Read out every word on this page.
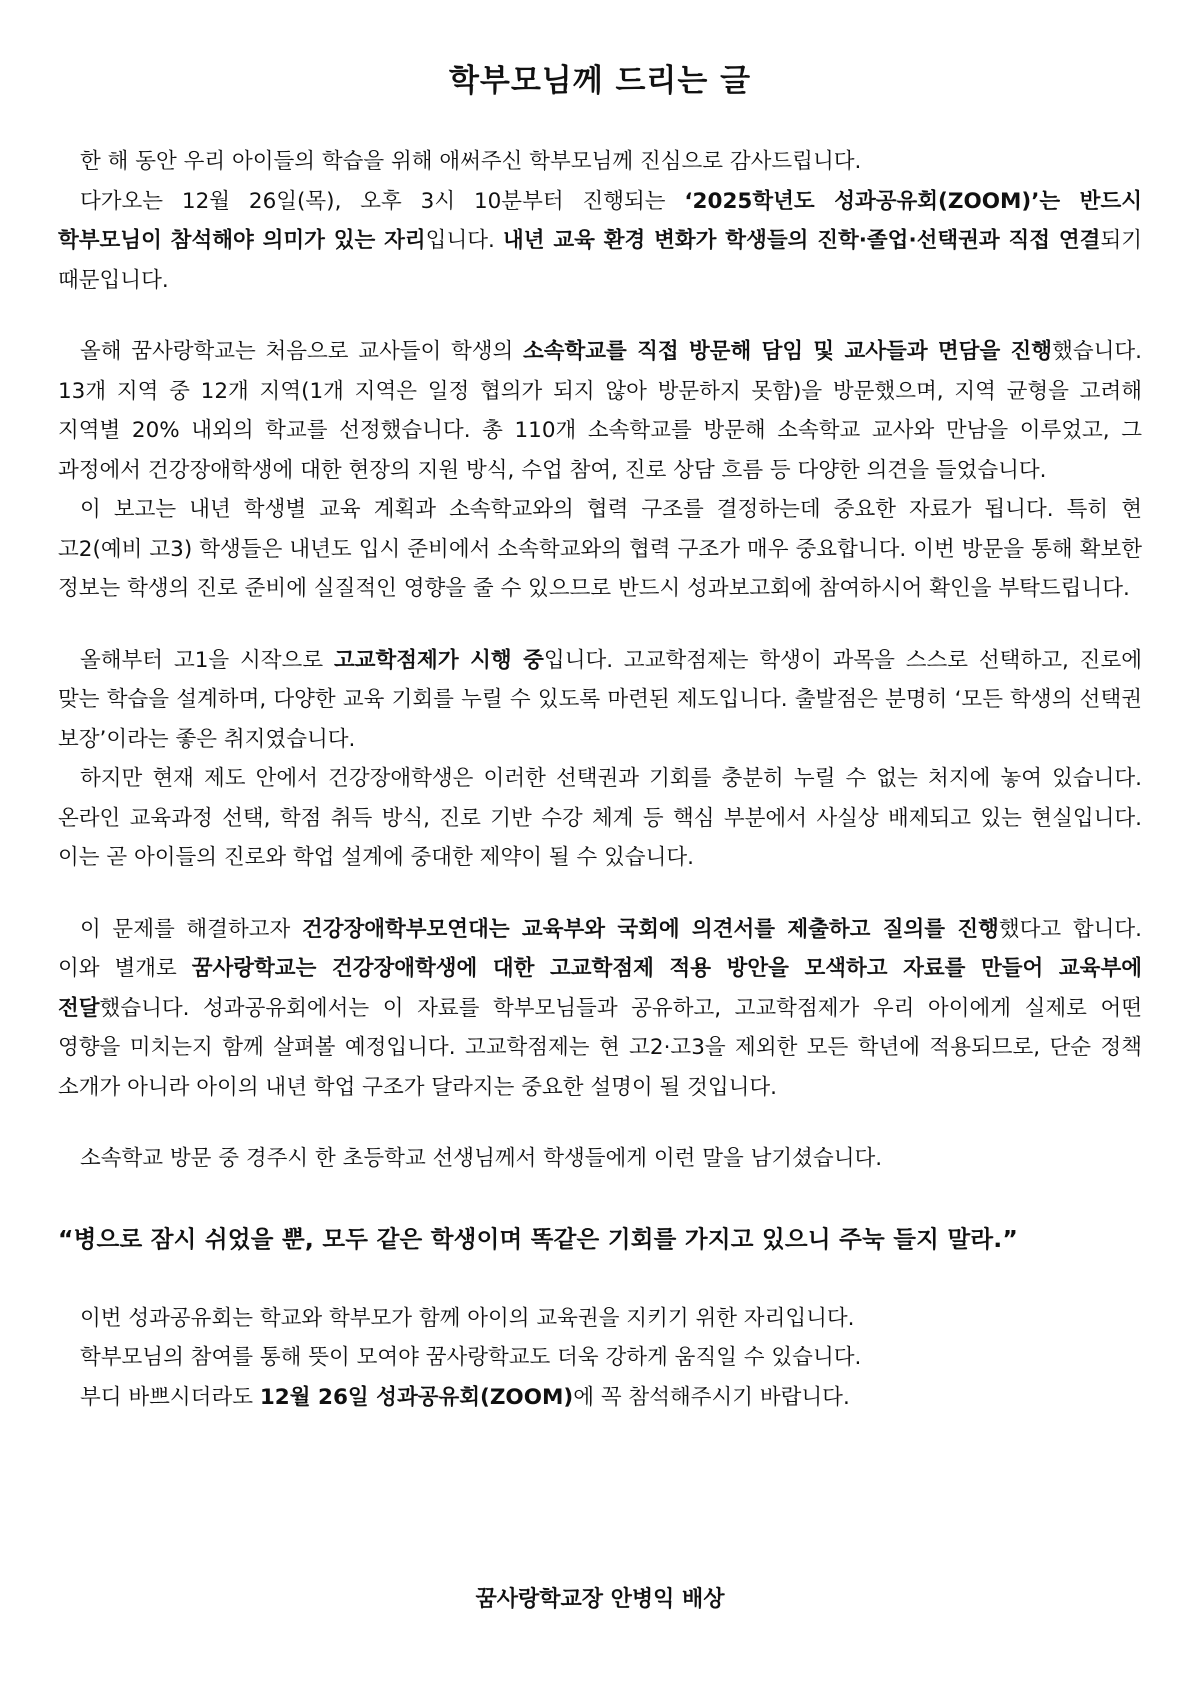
학부모님께 드리는 글

한 해 동안 우리 아이들의 학습을 위해 애써주신 학부모님께 진심으로 감사드립니다.

다가오는 12월 26일(목), 오후 3시 10분부터 진행되는 ‘2025학년도 성과공유회(ZOOM)’는 반드시 학부모님이 참석해야 의미가 있는 자리입니다. 내년 교육 환경 변화가 학생들의 진학·졸업·선택권과 직접 연결되기 때문입니다.

올해 꿈사랑학교는 처음으로 교사들이 학생의 소속학교를 직접 방문해 담임 및 교사들과 면담을 진행했습니다. 13개 지역 중 12개 지역(1개 지역은 일정 협의가 되지 않아 방문하지 못함)을 방문했으며, 지역 균형을 고려해 지역별 20% 내외의 학교를 선정했습니다. 총 110개 소속학교를 방문해 소속학교 교사와 만남을 이루었고, 그 과정에서 건강장애학생에 대한 현장의 지원 방식, 수업 참여, 진로 상담 흐름 등 다양한 의견을 들었습니다.

이 보고는 내년 학생별 교육 계획과 소속학교와의 협력 구조를 결정하는데 중요한 자료가 됩니다. 특히 현 고2(예비 고3) 학생들은 내년도 입시 준비에서 소속학교와의 협력 구조가 매우 중요합니다. 이번 방문을 통해 확보한 정보는 학생의 진로 준비에 실질적인 영향을 줄 수 있으므로 반드시 성과보고회에 참여하시어 확인을 부탁드립니다.

올해부터 고1을 시작으로 고교학점제가 시행 중입니다. 고교학점제는 학생이 과목을 스스로 선택하고, 진로에 맞는 학습을 설계하며, 다양한 교육 기회를 누릴 수 있도록 마련된 제도입니다. 출발점은 분명히 ‘모든 학생의 선택권 보장’이라는 좋은 취지였습니다.

하지만 현재 제도 안에서 건강장애학생은 이러한 선택권과 기회를 충분히 누릴 수 없는 처지에 놓여 있습니다. 온라인 교육과정 선택, 학점 취득 방식, 진로 기반 수강 체계 등 핵심 부분에서 사실상 배제되고 있는 현실입니다. 이는 곧 아이들의 진로와 학업 설계에 중대한 제약이 될 수 있습니다.

이 문제를 해결하고자 건강장애학부모연대는 교육부와 국회에 의견서를 제출하고 질의를 진행했다고 합니다. 이와 별개로 꿈사랑학교는 건강장애학생에 대한 고교학점제 적용 방안을 모색하고 자료를 만들어 교육부에 전달했습니다. 성과공유회에서는 이 자료를 학부모님들과 공유하고, 고교학점제가 우리 아이에게 실제로 어떤 영향을 미치는지 함께 살펴볼 예정입니다. 고교학점제는 현 고2·고3을 제외한 모든 학년에 적용되므로, 단순 정책 소개가 아니라 아이의 내년 학업 구조가 달라지는 중요한 설명이 될 것입니다.

소속학교 방문 중 경주시 한 초등학교 선생님께서 학생들에게 이런 말을 남기셨습니다.

“병으로 잠시 쉬었을 뿐, 모두 같은 학생이며 똑같은 기회를 가지고 있으니 주눅 들지 말라.”

이번 성과공유회는 학교와 학부모가 함께 아이의 교육권을 지키기 위한 자리입니다.

학부모님의 참여를 통해 뜻이 모여야 꿈사랑학교도 더욱 강하게 움직일 수 있습니다.

부디 바쁘시더라도 12월 26일 성과공유회(ZOOM)에 꼭 참석해주시기 바랍니다.

꿈사랑학교장 안병익 배상
